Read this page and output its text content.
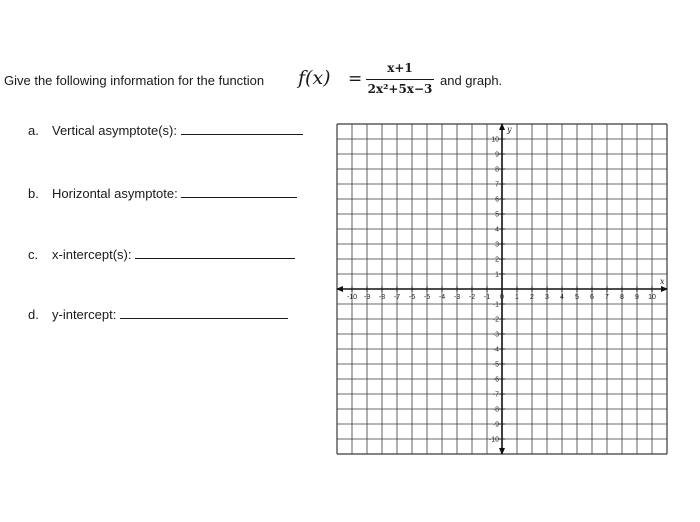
Give the following information for the function f(x) =
x+1
2x²+5x−3
and graph.
a. Vertical asymptote(s):
b. Horizontal asymptote:
c. x-intercept(s):
d. y-intercept:
-10 -9 -8 -7 -6 -5 -4 -3 -2 -1 0 1 2 3 4 5 6 7 8 9 10
10
9
8
7
6
5
4
3
2
1
-1
-2
-3
-4
-5
-6
-7
-8
-9
-10
x
y
